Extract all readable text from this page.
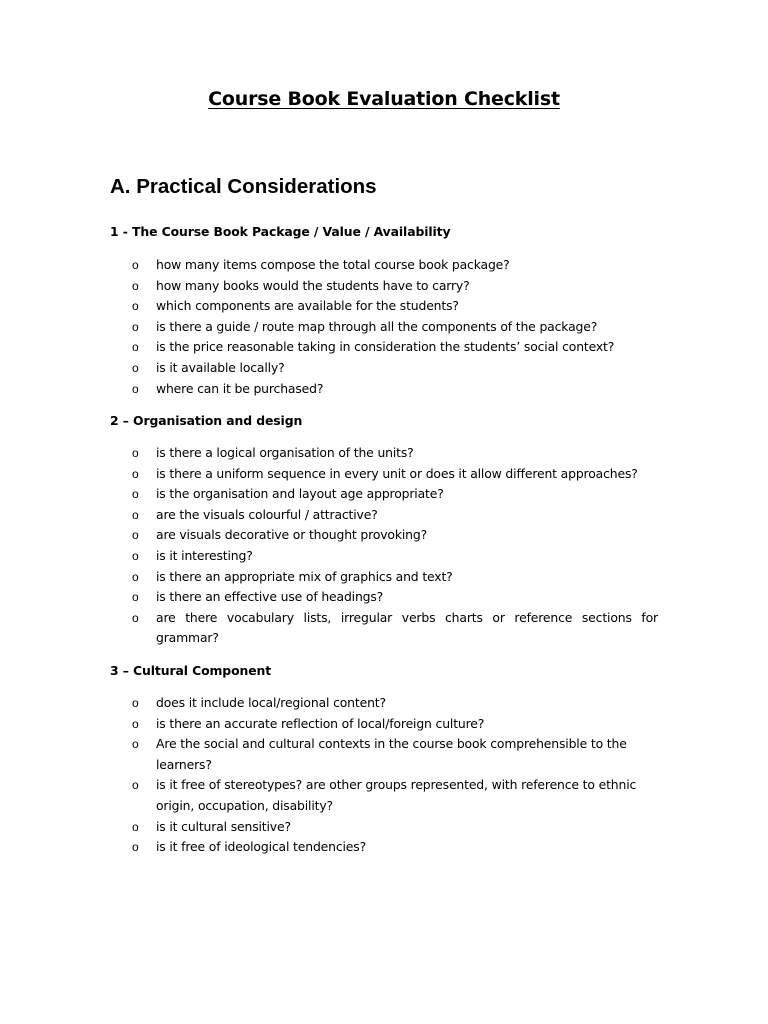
Course Book Evaluation Checklist
A. Practical Considerations
1 - The Course Book Package / Value / Availability
o how many items compose the total course book package?
o how many books would the students have to carry?
o which components are available for the students?
o is there a guide / route map through all the components of the package?
o is the price reasonable taking in consideration the students’ social context?
o is it available locally?
o where can it be purchased?
2 – Organisation and design
o is there a logical organisation of the units?
o is there a uniform sequence in every unit or does it allow different approaches?
o is the organisation and layout age appropriate?
o are the visuals colourful / attractive?
o are visuals decorative or thought provoking?
o is it interesting?
o is there an appropriate mix of graphics and text?
o is there an effective use of headings?
o are there vocabulary lists, irregular verbs charts or reference sections for grammar?
3 – Cultural Component
o does it include local/regional content?
o is there an accurate reflection of local/foreign culture?
o Are the social and cultural contexts in the course book comprehensible to the learners?
o is it free of stereotypes? are other groups represented, with reference to ethnic origin, occupation, disability?
o is it cultural sensitive?
o is it free of ideological tendencies?
